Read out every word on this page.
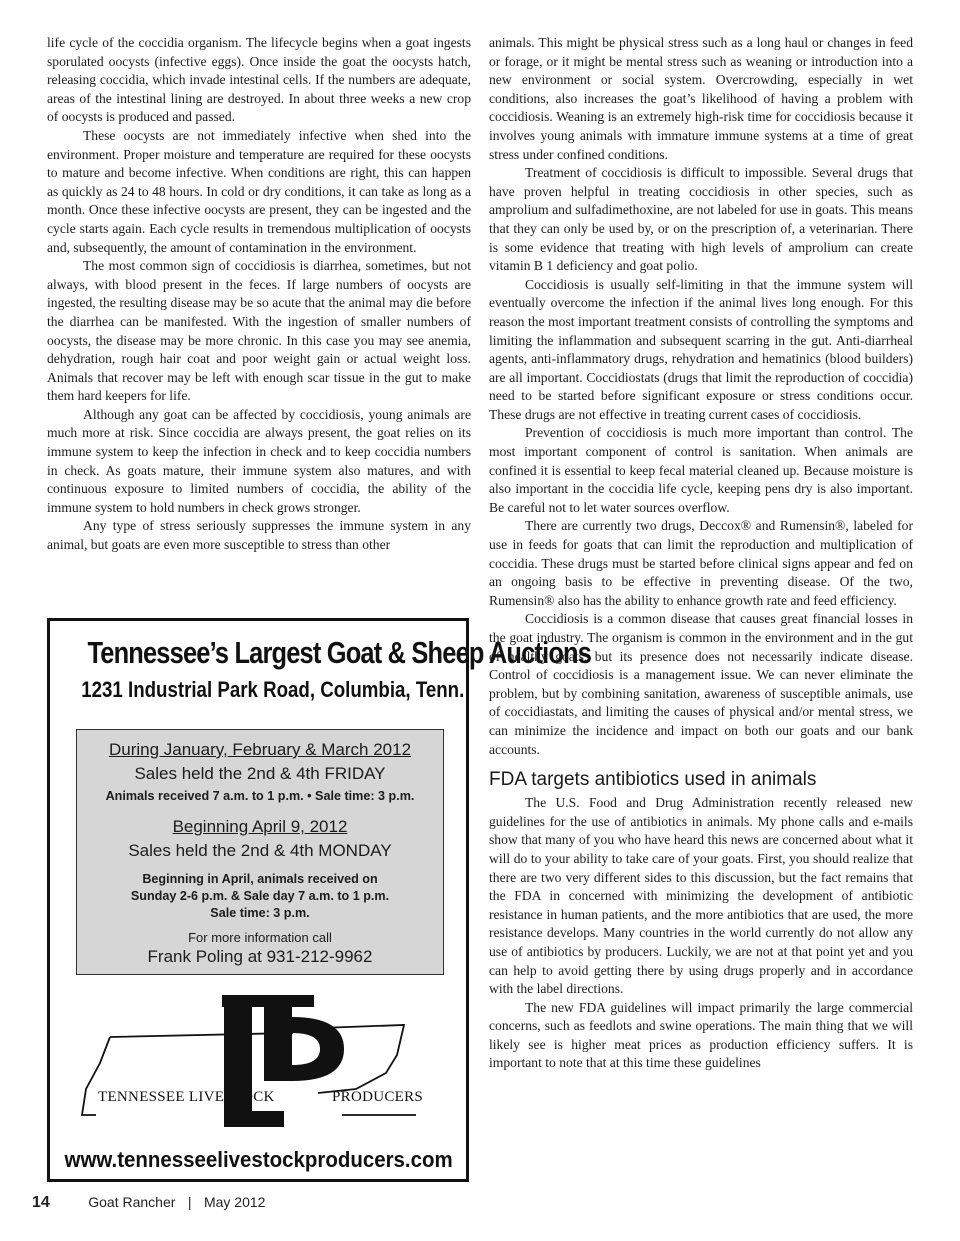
life cycle of the coccidia organism. The lifecycle begins when a goat ingests sporulated oocysts (infective eggs). Once inside the goat the oocysts hatch, releasing coccidia, which invade intestinal cells. If the numbers are adequate, areas of the intestinal lining are destroyed. In about three weeks a new crop of oocysts is produced and passed.

These oocysts are not immediately infective when shed into the environment. Proper moisture and temperature are required for these oocysts to mature and become infective. When conditions are right, this can happen as quickly as 24 to 48 hours. In cold or dry conditions, it can take as long as a month. Once these infective oocysts are present, they can be ingested and the cycle starts again. Each cycle results in tremendous multiplication of oocysts and, subsequently, the amount of contamination in the environment.

The most common sign of coccidiosis is diarrhea, sometimes, but not always, with blood present in the feces. If large numbers of oocysts are ingested, the resulting disease may be so acute that the animal may die before the diarrhea can be manifested. With the ingestion of smaller numbers of oocysts, the disease may be more chronic. In this case you may see anemia, dehydration, rough hair coat and poor weight gain or actual weight loss. Animals that recover may be left with enough scar tissue in the gut to make them hard keepers for life.

Although any goat can be affected by coccidiosis, young animals are much more at risk. Since coccidia are always present, the goat relies on its immune system to keep the infection in check and to keep coccidia numbers in check. As goats mature, their immune system also matures, and with continuous exposure to limited numbers of coccidia, the ability of the immune system to hold numbers in check grows stronger.

Any type of stress seriously suppresses the immune system in any animal, but goats are even more susceptible to stress than other

Tennessee’s Largest Goat & Sheep Auctions
1231 Industrial Park Road, Columbia, Tenn.
During January, February & March 2012
Sales held the 2nd & 4th FRIDAY
Animals received 7 a.m. to 1 p.m. • Sale time: 3 p.m.
Beginning April 9, 2012
Sales held the 2nd & 4th MONDAY
Beginning in April, animals received on
Sunday 2-6 p.m. & Sale day 7 a.m. to 1 p.m.
Sale time: 3 p.m.
For more information call
Frank Poling at 931-212-9962
TENNESSEE LIVESTOCK	PRODUCERS
www.tennesseelivestockproducers.com

animals. This might be physical stress such as a long haul or changes in feed or forage, or it might be mental stress such as weaning or introduction into a new environment or social system. Overcrowding, especially in wet conditions, also increases the goat’s likelihood of having a problem with coccidiosis. Weaning is an extremely high-risk time for coccidiosis because it involves young animals with immature immune systems at a time of great stress under confined conditions.

Treatment of coccidiosis is difficult to impossible. Several drugs that have proven helpful in treating coccidiosis in other species, such as amprolium and sulfadimethoxine, are not labeled for use in goats. This means that they can only be used by, or on the prescription of, a veterinarian. There is some evidence that treating with high levels of amprolium can create vitamin B 1 deficiency and goat polio.

Coccidiosis is usually self-limiting in that the immune system will eventually overcome the infection if the animal lives long enough. For this reason the most important treatment consists of controlling the symptoms and limiting the inflammation and subsequent scarring in the gut. Anti-diarrheal agents, anti-inflammatory drugs, rehydration and hematinics (blood builders) are all important. Coccidiostats (drugs that limit the reproduction of coccidia) need to be started before significant exposure or stress conditions occur. These drugs are not effective in treating current cases of coccidiosis.

Prevention of coccidiosis is much more important than control. The most important component of control is sanitation. When animals are confined it is essential to keep fecal material cleaned up. Because moisture is also important in the coccidia life cycle, keeping pens dry is also important. Be careful not to let water sources overflow.

There are currently two drugs, Deccox® and Rumensin®, labeled for use in feeds for goats that can limit the reproduction and multiplication of coccidia. These drugs must be started before clinical signs appear and fed on an ongoing basis to be effective in preventing disease. Of the two, Rumensin® also has the ability to enhance growth rate and feed efficiency.

Coccidiosis is a common disease that causes great financial losses in the goat industry. The organism is common in the environment and in the gut of healthy goats, but its presence does not necessarily indicate disease. Control of coccidiosis is a management issue. We can never eliminate the problem, but by combining sanitation, awareness of susceptible animals, use of coccidiastats, and limiting the causes of physical and/or mental stress, we can minimize the incidence and impact on both our goats and our bank accounts.

FDA targets antibiotics used in animals

The U.S. Food and Drug Administration recently released new guidelines for the use of antibiotics in animals. My phone calls and e-mails show that many of you who have heard this news are concerned about what it will do to your ability to take care of your goats. First, you should realize that there are two very different sides to this discussion, but the fact remains that the FDA in concerned with minimizing the development of antibiotic resistance in human patients, and the more antibiotics that are used, the more resistance develops. Many countries in the world currently do not allow any use of antibiotics by producers. Luckily, we are not at that point yet and you can help to avoid getting there by using drugs properly and in accordance with the label directions.

The new FDA guidelines will impact primarily the large commercial concerns, such as feedlots and swine operations. The main thing that we will likely see is higher meat prices as production efficiency suffers. It is important to note that at this time these guidelines

14	Goat Rancher | May 2012
